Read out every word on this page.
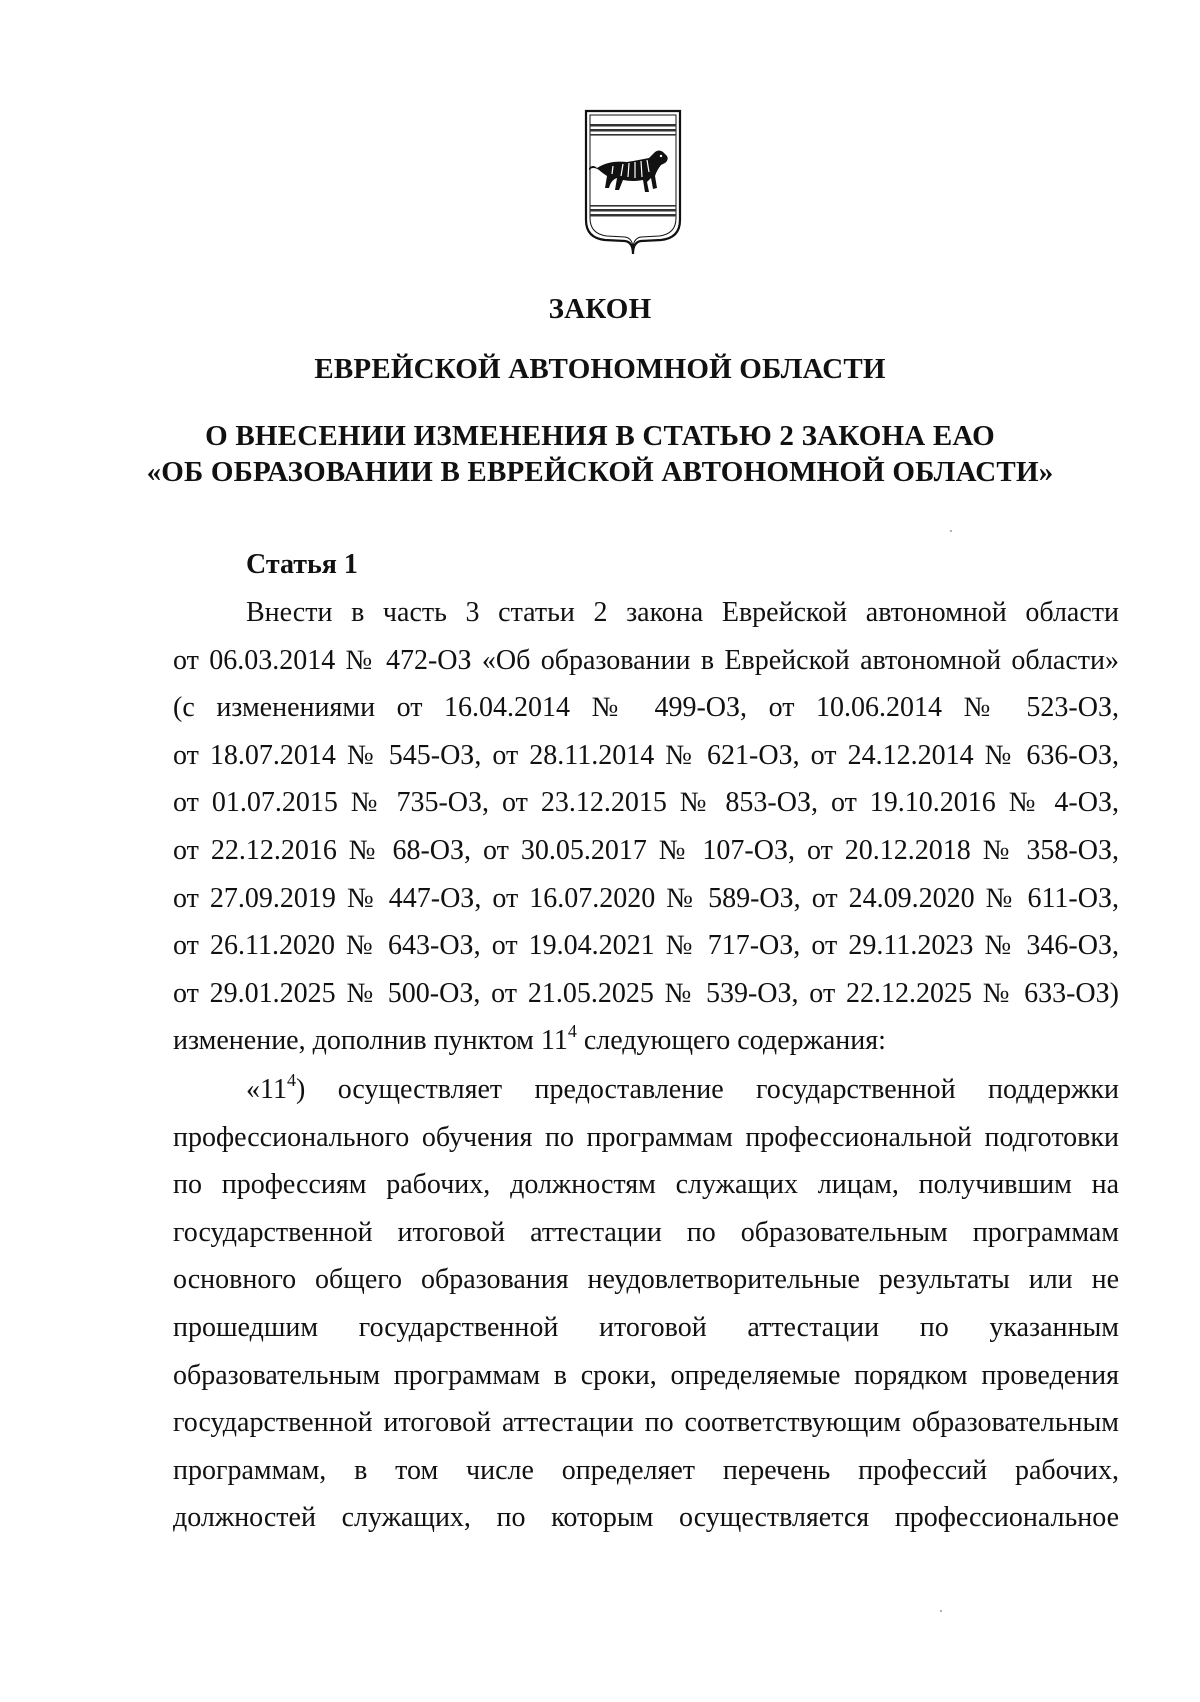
ЗАКОН
ЕВРЕЙСКОЙ АВТОНОМНОЙ ОБЛАСТИ
О ВНЕСЕНИИ ИЗМЕНЕНИЯ В СТАТЬЮ 2 ЗАКОНА ЕАО
«ОБ ОБРАЗОВАНИИ В ЕВРЕЙСКОЙ АВТОНОМНОЙ ОБЛАСТИ»
Статья 1
Внести в часть 3 статьи 2 закона Еврейской автономной области
от 06.03.2014 № 472-ОЗ «Об образовании в Еврейской автономной области»
(с изменениями от 16.04.2014 № 499-ОЗ, от 10.06.2014 № 523-ОЗ,
от 18.07.2014 № 545-ОЗ, от 28.11.2014 № 621-ОЗ, от 24.12.2014 № 636-ОЗ,
от 01.07.2015 № 735-ОЗ, от 23.12.2015 № 853-ОЗ, от 19.10.2016 № 4-ОЗ,
от 22.12.2016 № 68-ОЗ, от 30.05.2017 № 107-ОЗ, от 20.12.2018 № 358-ОЗ,
от 27.09.2019 № 447-ОЗ, от 16.07.2020 № 589-ОЗ, от 24.09.2020 № 611-ОЗ,
от 26.11.2020 № 643-ОЗ, от 19.04.2021 № 717-ОЗ, от 29.11.2023 № 346-ОЗ,
от 29.01.2025 № 500-ОЗ, от 21.05.2025 № 539-ОЗ, от 22.12.2025 № 633-ОЗ)
изменение, дополнив пунктом $11^4$ следующего содержания:
«$11^4$) осуществляет предоставление государственной поддержки
профессионального обучения по программам профессиональной подготовки
по профессиям рабочих, должностям служащих лицам, получившим на
государственной итоговой аттестации по образовательным программам
основного общего образования неудовлетворительные результаты или не
прошедшим государственной итоговой аттестации по указанным
образовательным программам в сроки, определяемые порядком проведения
государственной итоговой аттестации по соответствующим образовательным
программам, в том числе определяет перечень профессий рабочих,
должностей служащих, по которым осуществляется профессиональное
